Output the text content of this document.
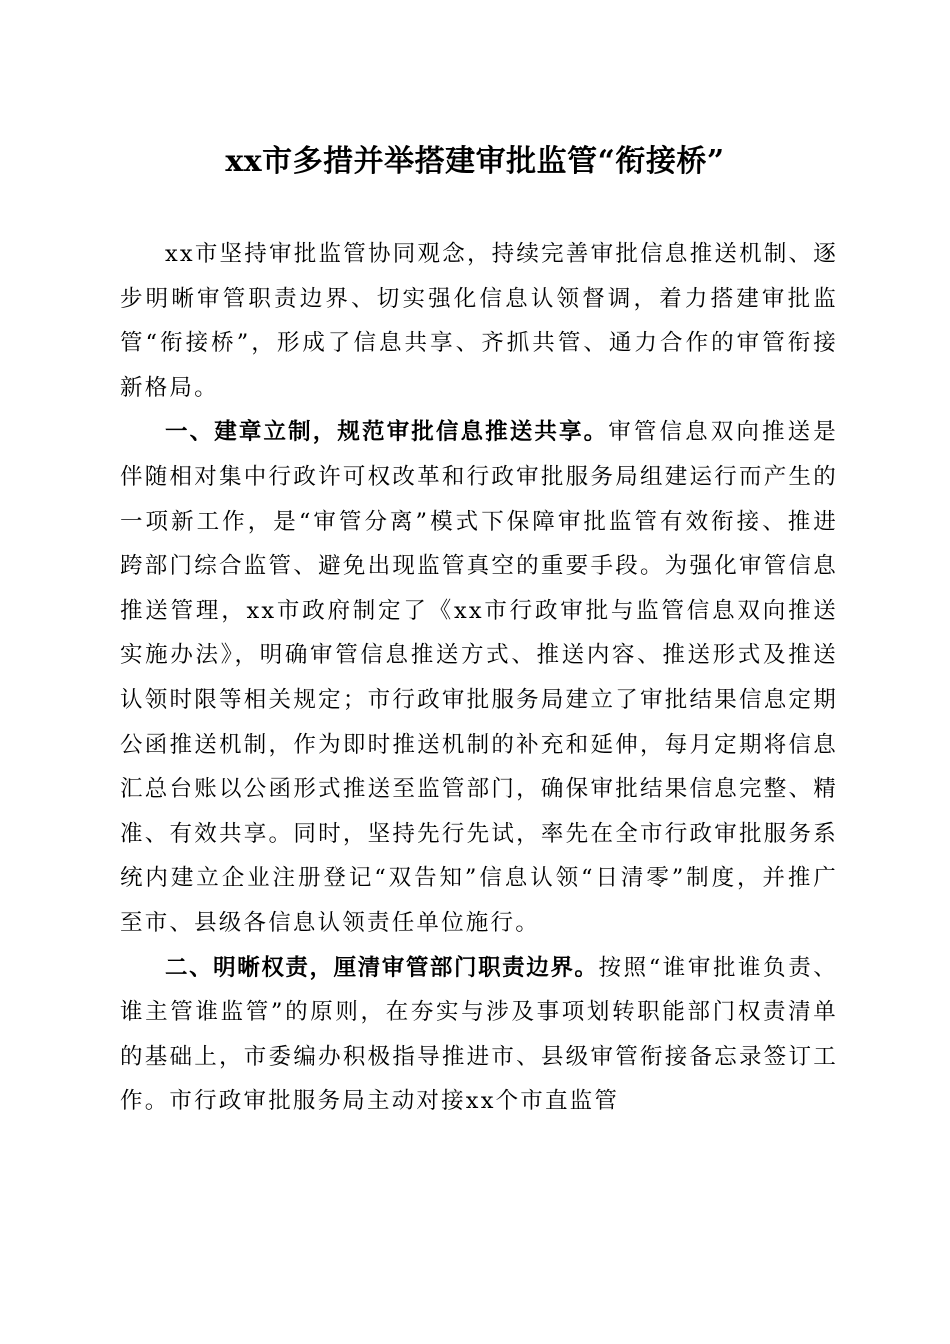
xx市多措并举搭建审批监管“衔接桥”

xx市坚持审批监管协同观念，持续完善审批信息推送机制、逐步明晰审管职责边界、切实强化信息认领督调，着力搭建审批监管“衔接桥”，形成了信息共享、齐抓共管、通力合作的审管衔接新格局。

一、建章立制，规范审批信息推送共享。审管信息双向推送是伴随相对集中行政许可权改革和行政审批服务局组建运行而产生的一项新工作，是“审管分离”模式下保障审批监管有效衔接、推进跨部门综合监管、避免出现监管真空的重要手段。为强化审管信息推送管理，xx市政府制定了《xx市行政审批与监管信息双向推送实施办法》，明确审管信息推送方式、推送内容、推送形式及推送认领时限等相关规定；市行政审批服务局建立了审批结果信息定期公函推送机制，作为即时推送机制的补充和延伸，每月定期将信息汇总台账以公函形式推送至监管部门，确保审批结果信息完整、精准、有效共享。同时，坚持先行先试，率先在全市行政审批服务系统内建立企业注册登记“双告知”信息认领“日清零”制度，并推广至市、县级各信息认领责任单位施行。

二、明晰权责，厘清审管部门职责边界。按照“谁审批谁负责、谁主管谁监管”的原则，在夯实与涉及事项划转职能部门权责清单的基础上，市委编办积极指导推进市、县级审管衔接备忘录签订工作。市行政审批服务局主动对接xx个市直监管
